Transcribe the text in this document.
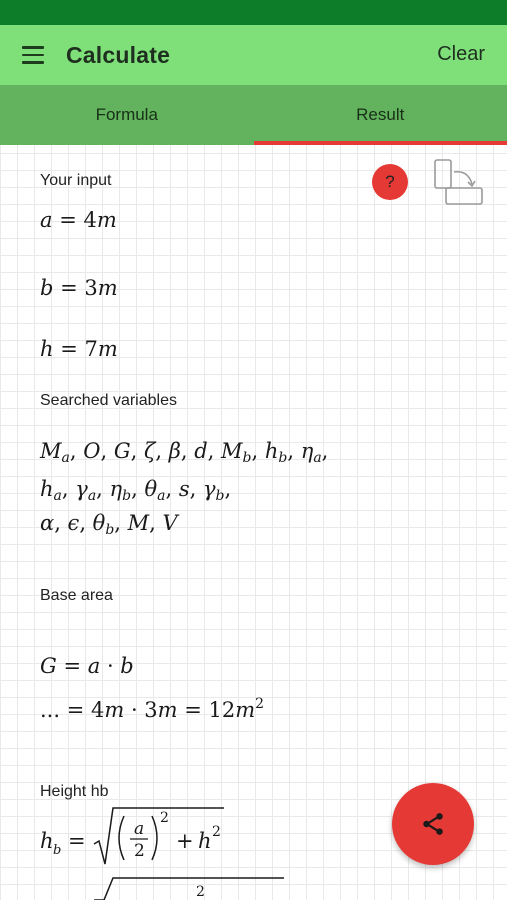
Calculate	Clear
Formula	Result
Your input	?
a = 4m
b = 3m
h = 7m
Searched variables
$M_a$, O, G, ζ, β, d, $M_b$, $h_b$, $\eta_a$,
$h_a$, $\gamma_a$, $\eta_b$, $\theta_a$, s, $\gamma_b$,
α, ϵ, $\theta_b$, M, V
Base area
G = a · b
... = $4m \cdot 3m = 12m^2$
Height hb
h b =	a
2
2
+ h 2
2
